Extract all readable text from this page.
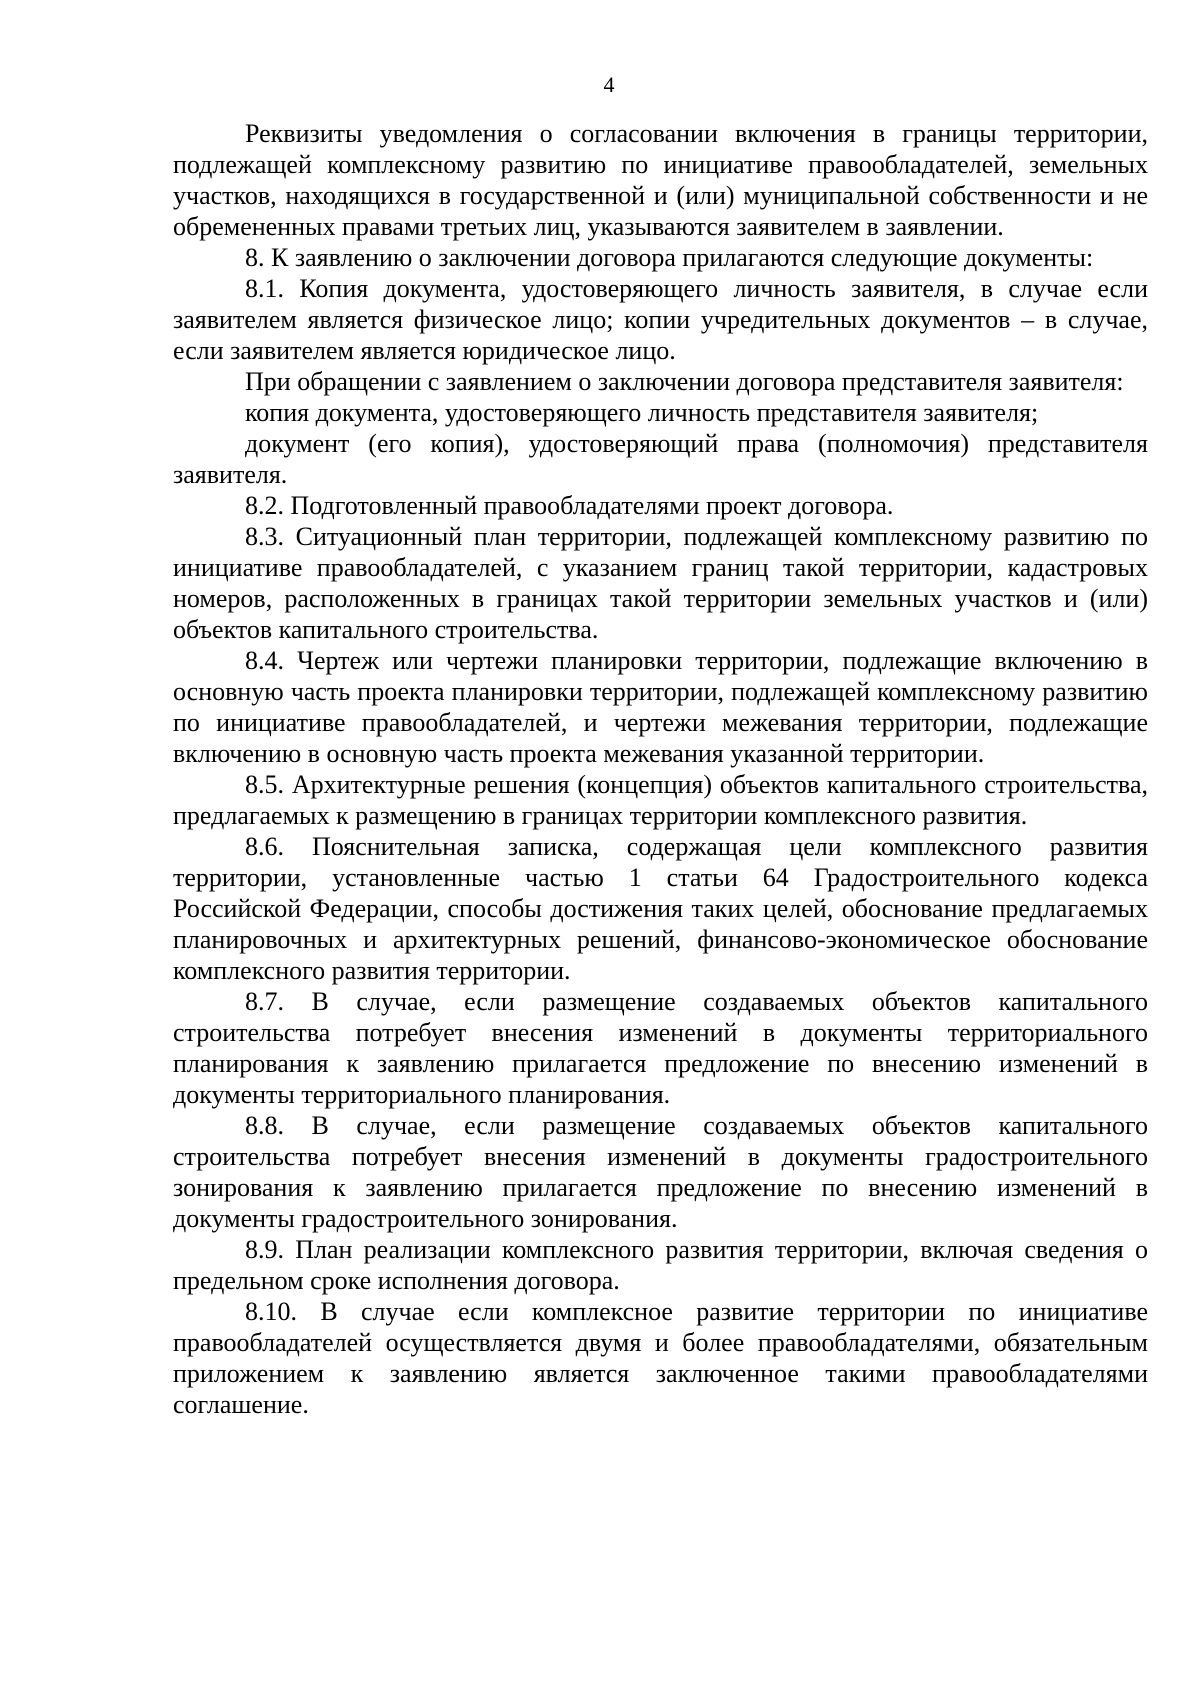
4

Реквизиты уведомления о согласовании включения в границы территории, подлежащей комплексному развитию по инициативе правообладателей, земельных участков, находящихся в государственной и (или) муниципальной собственности и не обремененных правами третьих лиц, указываются заявителем в заявлении.

8. К заявлению о заключении договора прилагаются следующие документы:

8.1. Копия документа, удостоверяющего личность заявителя, в случае если заявителем является физическое лицо; копии учредительных документов – в случае, если заявителем является юридическое лицо.

При обращении с заявлением о заключении договора представителя заявителя:

копия документа, удостоверяющего личность представителя заявителя;

документ (его копия), удостоверяющий права (полномочия) представителя заявителя.

8.2. Подготовленный правообладателями проект договора.

8.3. Ситуационный план территории, подлежащей комплексному развитию по инициативе правообладателей, с указанием границ такой территории, кадастровых номеров, расположенных в границах такой территории земельных участков и (или) объектов капитального строительства.

8.4. Чертеж или чертежи планировки территории, подлежащие включению в основную часть проекта планировки территории, подлежащей комплексному развитию по инициативе правообладателей, и чертежи межевания территории, подлежащие включению в основную часть проекта межевания указанной территории.

8.5. Архитектурные решения (концепция) объектов капитального строительства, предлагаемых к размещению в границах территории комплексного развития.

8.6. Пояснительная записка, содержащая цели комплексного развития территории, установленные частью 1 статьи 64 Градостроительного кодекса Российской Федерации, способы достижения таких целей, обоснование предлагаемых планировочных и архитектурных решений, финансово-экономическое обоснование комплексного развития территории.

8.7. В случае, если размещение создаваемых объектов капитального строительства потребует внесения изменений в документы территориального планирования к заявлению прилагается предложение по внесению изменений в документы территориального планирования.

8.8. В случае, если размещение создаваемых объектов капитального строительства потребует внесения изменений в документы градостроительного зонирования к заявлению прилагается предложение по внесению изменений в документы градостроительного зонирования.

8.9. План реализации комплексного развития территории, включая сведения о предельном сроке исполнения договора.

8.10. В случае если комплексное развитие территории по инициативе правообладателей осуществляется двумя и более правообладателями, обязательным приложением к заявлению является заключенное такими правообладателями соглашение.
